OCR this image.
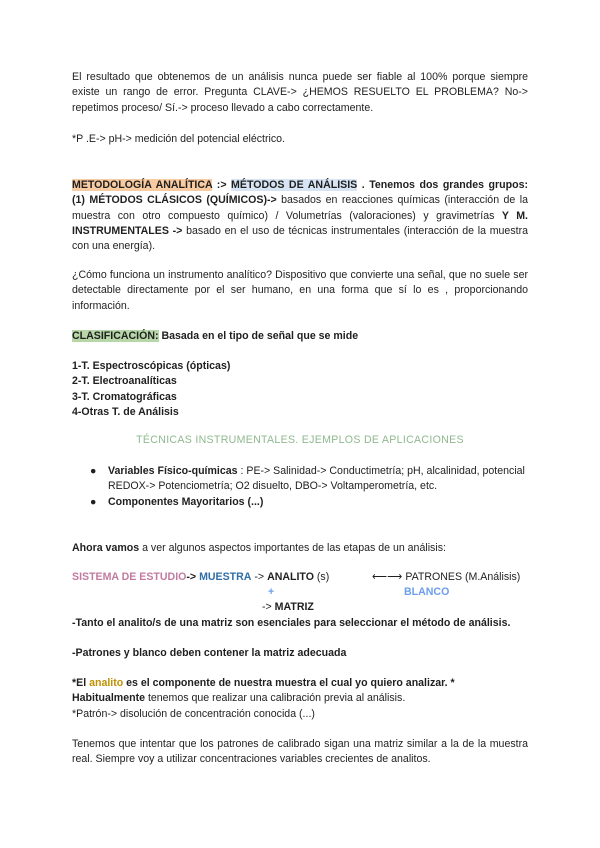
El resultado que obtenemos de un análisis nunca puede ser fiable al 100% porque siempre existe un rango de error. Pregunta CLAVE-> ¿HEMOS RESUELTO EL PROBLEMA? No-> repetimos proceso/ Sí.-> proceso llevado a cabo correctamente.

*P .E-> pH-> medición del potencial eléctrico.

METODOLOGÍA ANALÍTICA :> MÉTODOS DE ANÁLISIS . Tenemos dos grandes grupos: (1) MÉTODOS CLÁSICOS (QUÍMICOS)-> basados en reacciones químicas (interacción de la muestra con otro compuesto químico) / Volumetrías (valoraciones) y gravimetrías Y M. INSTRUMENTALES -> basado en el uso de técnicas instrumentales (interacción de la muestra con una energía).

¿Cómo funciona un instrumento analítico? Dispositivo que convierte una señal, que no suele ser detectable directamente por el ser humano, en una forma que sí lo es , proporcionando información.

CLASIFICACIÓN: Basada en el tipo de señal que se mide

1-T. Espectroscópicas (ópticas)
2-T. Electroanalíticas
3-T. Cromatográficas
4-Otras T. de Análisis
TÉCNICAS INSTRUMENTALES. EJEMPLOS DE APLICACIONES
● Variables Físico-químicas : PE-> Salinidad-> Conductimetría; pH, alcalinidad, potencial REDOX-> Potenciometría; O2 disuelto, DBO-> Voltamperometría, etc.
● Componentes Mayoritarios (...)

Ahora vamos a ver algunos aspectos importantes de las etapas de un análisis:

SISTEMA DE ESTUDIO-> MUESTRA -> ANALITO (s)	⟵⟶ PATRONES (M.Análisis)
+	BLANCO
-> MATRIZ

-Tanto el analito/s de una matriz son esenciales para seleccionar el método de análisis.

-Patrones y blanco deben contener la matriz adecuada

*El analito es el componente de nuestra muestra el cual yo quiero analizar. *
Habitualmente tenemos que realizar una calibración previa al análisis.
*Patrón-> disolución de concentración conocida (...)

Tenemos que intentar que los patrones de calibrado sigan una matriz similar a la de la muestra real. Siempre voy a utilizar concentraciones variables crecientes de analitos.
